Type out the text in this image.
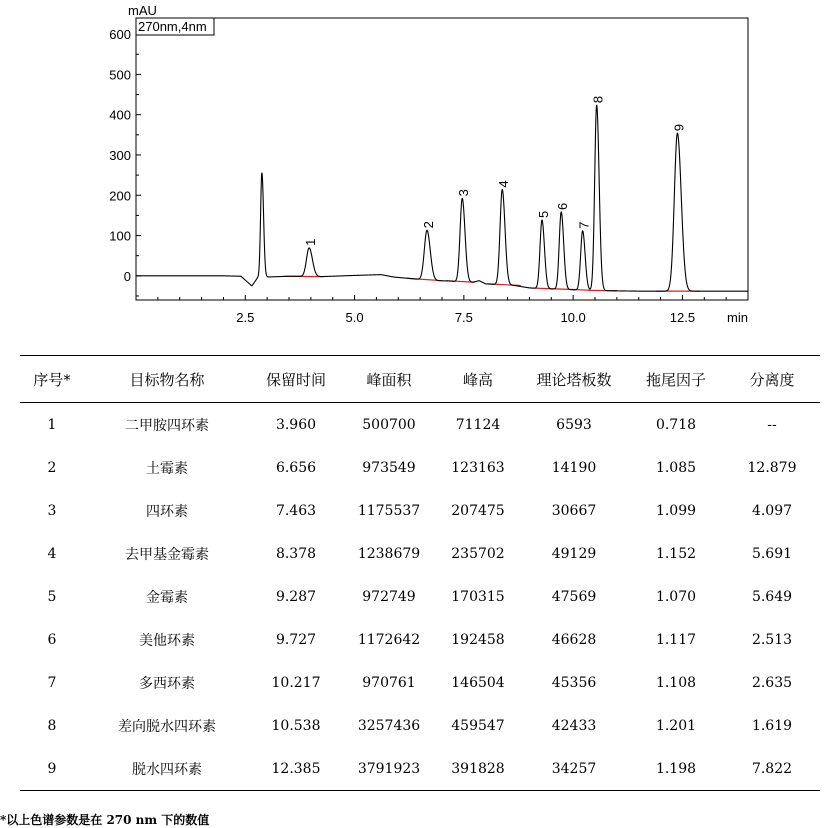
0
100
200
300
400
500
600
2.5	5.0	7.5	10.0	12.5
mAU
270nm,4nm
min
1
2
3
4
5
6
7
8
9
序号*	目标物名称	保留时间	峰面积	峰高	理论塔板数	拖尾因子	分离度
1	二甲胺四环素	3.960	500700	71124	6593	0.718	--
2	土霉素	6.656	973549	123163	14190	1.085	12.879
3	四环素	7.463	1175537	207475	30667	1.099	4.097
4	去甲基金霉素	8.378	1238679	235702	49129	1.152	5.691
5	金霉素	9.287	972749	170315	47569	1.070	5.649
6	美他环素	9.727	1172642	192458	46628	1.117	2.513
7	多西环素	10.217	970761	146504	45356	1.108	2.635
8	差向脱水四环素	10.538	3257436	459547	42433	1.201	1.619
9	脱水四环素	12.385	3791923	391828	34257	1.198	7.822
*以上色谱参数是在 270 nm 下的数值
